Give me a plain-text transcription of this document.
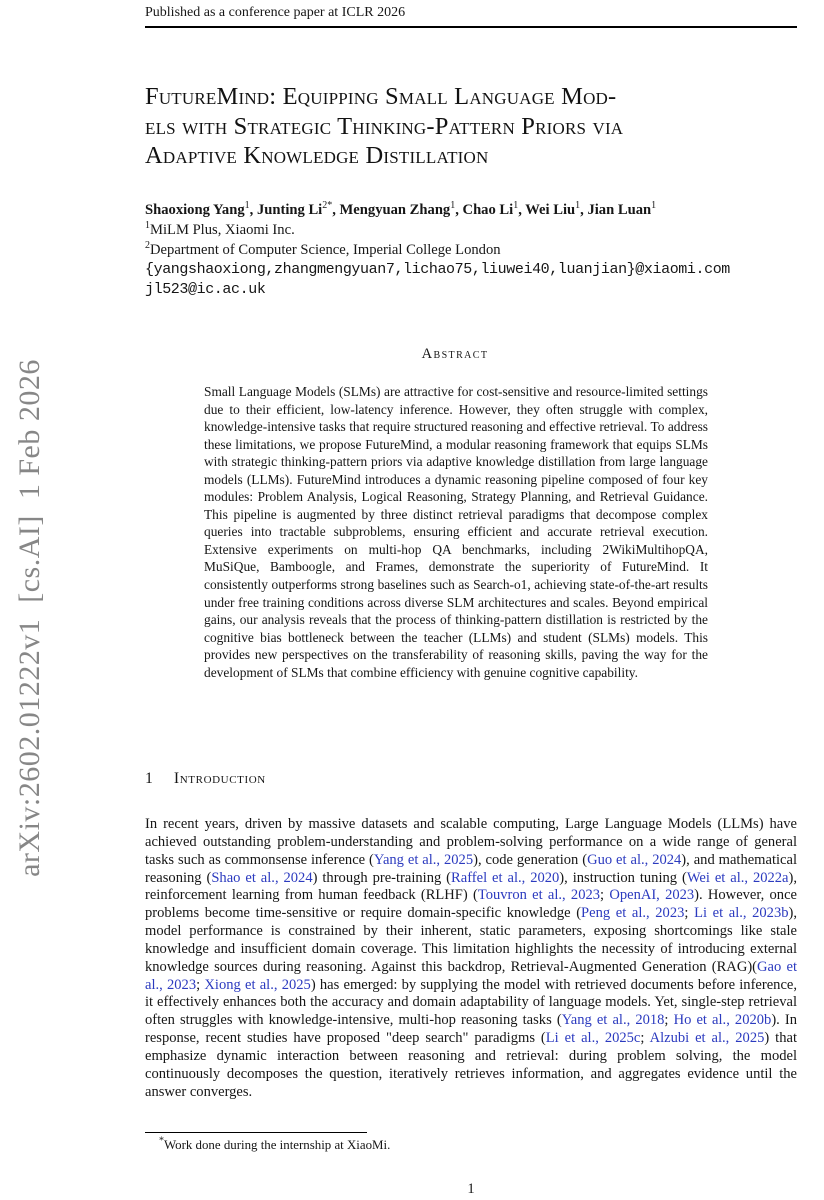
Published as a conference paper at ICLR 2026
arXiv:2602.01222v1  [cs.AI]  1 Feb 2026
FutureMind: Equipping Small Language Mod-
els with Strategic Thinking-Pattern Priors via
Adaptive Knowledge Distillation
Shaoxiong Yang$^1$, Junting $Li^{2*}$, Mengyuan Zhang$^1$, Chao Li$^1$, Wei Liu$^1$, Jian Luan$^1$
$^1$MiLM Plus, Xiaomi Inc.
$^2$Department of Computer Science, Imperial College London
{yangshaoxiong,zhangmengyuan7,lichao75,liuwei40,luanjian}@xiaomi.com
jl523@ic.ac.uk
Abstract
Small Language Models (SLMs) are attractive for cost-sensitive and resource-limited settings due to their efficient, low-latency inference. However, they often struggle with complex, knowledge-intensive tasks that require structured reasoning and effective retrieval. To address these limitations, we propose FutureMind, a modular reasoning framework that equips SLMs with strategic thinking-pattern priors via adaptive knowledge distillation from large language models (LLMs). FutureMind introduces a dynamic reasoning pipeline composed of four key modules: Problem Analysis, Logical Reasoning, Strategy Planning, and Retrieval Guidance. This pipeline is augmented by three distinct retrieval paradigms that decompose complex queries into tractable subproblems, ensuring efficient and accurate retrieval execution. Extensive experiments on multi-hop QA benchmarks, including 2WikiMultihopQA, MuSiQue, Bamboogle, and Frames, demonstrate the superiority of FutureMind. It consistently outperforms strong baselines such as Search-o1, achieving state-of-the-art results under free training conditions across diverse SLM architectures and scales. Beyond empirical gains, our analysis reveals that the process of thinking-pattern distillation is restricted by the cognitive bias bottleneck between the teacher (LLMs) and student (SLMs) models. This provides new perspectives on the transferability of reasoning skills, paving the way for the development of SLMs that combine efficiency with genuine cognitive capability.
1 Introduction
In recent years, driven by massive datasets and scalable computing, Large Language Models (LLMs) have achieved outstanding problem-understanding and problem-solving performance on a wide range of general tasks such as commonsense inference (Yang et al., 2025), code generation (Guo et al., 2024), and mathematical reasoning (Shao et al., 2024) through pre-training (Raffel et al., 2020), instruction tuning (Wei et al., 2022a), reinforcement learning from human feedback (RLHF) (Touvron et al., 2023; OpenAI, 2023). However, once problems become time-sensitive or require domain-specific knowledge (Peng et al., 2023; Li et al., 2023b), model performance is constrained by their inherent, static parameters, exposing shortcomings like stale knowledge and insufficient domain coverage. This limitation highlights the necessity of introducing external knowledge sources during reasoning. Against this backdrop, Retrieval-Augmented Generation (RAG)(Gao et al., 2023; Xiong et al., 2025) has emerged: by supplying the model with retrieved documents before inference, it effectively enhances both the accuracy and domain adaptability of language models. Yet, single-step retrieval often struggles with knowledge-intensive, multi-hop reasoning tasks (Yang et al., 2018; Ho et al., 2020b). In response, recent studies have proposed "deep search" paradigms (Li et al., 2025c; Alzubi et al., 2025) that emphasize dynamic interaction between reasoning and retrieval: during problem solving, the model continuously decomposes the question, iteratively retrieves information, and aggregates evidence until the answer converges.
*Work done during the internship at XiaoMi.
1
